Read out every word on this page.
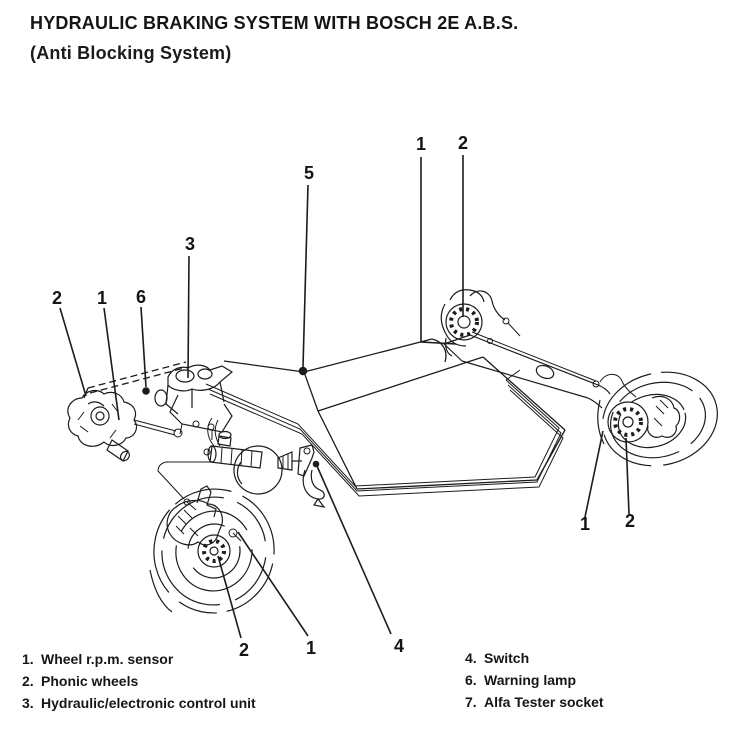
HYDRAULIC BRAKING SYSTEM WITH BOSCH 2E A.B.S.
(Anti Blocking System)
2 1 6
3
5
1 2
1 2
2	1	4
1. Wheel r.p.m. sensor
2. Phonic wheels
3. Hydraulic/electronic control unit
4. Switch
6. Warning lamp
7. Alfa Tester socket
